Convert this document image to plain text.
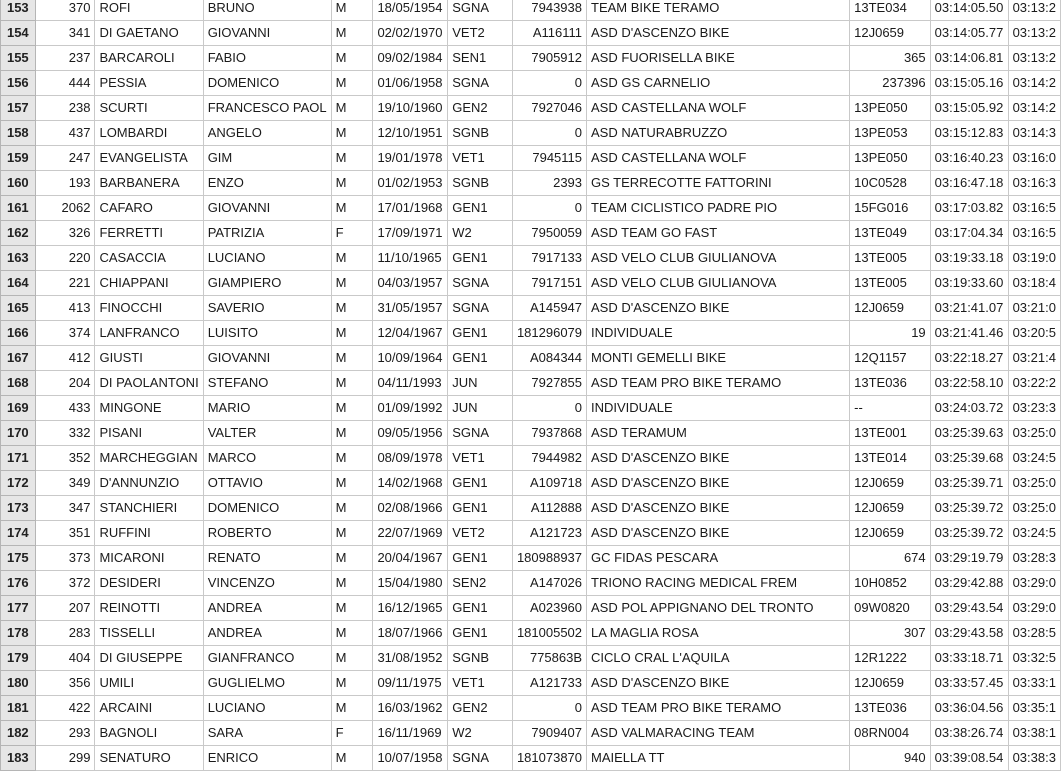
153	370	ROFI	BRUNO	M	18/05/1954	SGNA	7943938	TEAM BIKE TERAMO	13TE034	03:14:05.50	03:13:2
154	341	DI GAETANO	GIOVANNI	M	02/02/1970	VET2	A116111	ASD D'ASCENZO BIKE	12J0659	03:14:05.77	03:13:2
155	237	BARCAROLI	FABIO	M	09/02/1984	SEN1	7905912	ASD FUORISELLA BIKE	365	03:14:06.81	03:13:2
156	444	PESSIA	DOMENICO	M	01/06/1958	SGNA	0	ASD GS CARNELIO	237396	03:15:05.16	03:14:2
157	238	SCURTI	FRANCESCO PAOL	M	19/10/1960	GEN2	7927046	ASD CASTELLANA WOLF	13PE050	03:15:05.92	03:14:2
158	437	LOMBARDI	ANGELO	M	12/10/1951	SGNB	0	ASD NATURABRUZZO	13PE053	03:15:12.83	03:14:3
159	247	EVANGELISTA	GIM	M	19/01/1978	VET1	7945115	ASD CASTELLANA WOLF	13PE050	03:16:40.23	03:16:0
160	193	BARBANERA	ENZO	M	01/02/1953	SGNB	2393	GS TERRECOTTE FATTORINI	10C0528	03:16:47.18	03:16:3
161	2062	CAFARO	GIOVANNI	M	17/01/1968	GEN1	0	TEAM CICLISTICO PADRE PIO	15FG016	03:17:03.82	03:16:5
162	326	FERRETTI	PATRIZIA	F	17/09/1971	W2	7950059	ASD TEAM GO FAST	13TE049	03:17:04.34	03:16:5
163	220	CASACCIA	LUCIANO	M	11/10/1965	GEN1	7917133	ASD VELO CLUB GIULIANOVA	13TE005	03:19:33.18	03:19:0
164	221	CHIAPPANI	GIAMPIERO	M	04/03/1957	SGNA	7917151	ASD VELO CLUB GIULIANOVA	13TE005	03:19:33.60	03:18:4
165	413	FINOCCHI	SAVERIO	M	31/05/1957	SGNA	A145947	ASD D'ASCENZO BIKE	12J0659	03:21:41.07	03:21:0
166	374	LANFRANCO	LUISITO	M	12/04/1967	GEN1	181296079	INDIVIDUALE	19	03:21:41.46	03:20:5
167	412	GIUSTI	GIOVANNI	M	10/09/1964	GEN1	A084344	MONTI GEMELLI BIKE	12Q1157	03:22:18.27	03:21:4
168	204	DI PAOLANTONI	STEFANO	M	04/11/1993	JUN	7927855	ASD TEAM PRO BIKE TERAMO	13TE036	03:22:58.10	03:22:2
169	433	MINGONE	MARIO	M	01/09/1992	JUN	0	INDIVIDUALE	--	03:24:03.72	03:23:3
170	332	PISANI	VALTER	M	09/05/1956	SGNA	7937868	ASD TERAMUM	13TE001	03:25:39.63	03:25:0
171	352	MARCHEGGIAN	MARCO	M	08/09/1978	VET1	7944982	ASD D'ASCENZO BIKE	13TE014	03:25:39.68	03:24:5
172	349	D'ANNUNZIO	OTTAVIO	M	14/02/1968	GEN1	A109718	ASD D'ASCENZO BIKE	12J0659	03:25:39.71	03:25:0
173	347	STANCHIERI	DOMENICO	M	02/08/1966	GEN1	A112888	ASD D'ASCENZO BIKE	12J0659	03:25:39.72	03:25:0
174	351	RUFFINI	ROBERTO	M	22/07/1969	VET2	A121723	ASD D'ASCENZO BIKE	12J0659	03:25:39.72	03:24:5
175	373	MICARONI	RENATO	M	20/04/1967	GEN1	180988937	GC FIDAS PESCARA	674	03:29:19.79	03:28:3
176	372	DESIDERI	VINCENZO	M	15/04/1980	SEN2	A147026	TRIONO RACING MEDICAL FREM	10H0852	03:29:42.88	03:29:0
177	207	REINOTTI	ANDREA	M	16/12/1965	GEN1	A023960	ASD POL APPIGNANO DEL TRONTO	09W0820	03:29:43.54	03:29:0
178	283	TISSELLI	ANDREA	M	18/07/1966	GEN1	181005502	LA MAGLIA ROSA	307	03:29:43.58	03:28:5
179	404	DI GIUSEPPE	GIANFRANCO	M	31/08/1952	SGNB	775863B	CICLO CRAL L'AQUILA	12R1222	03:33:18.71	03:32:5
180	356	UMILI	GUGLIELMO	M	09/11/1975	VET1	A121733	ASD D'ASCENZO BIKE	12J0659	03:33:57.45	03:33:1
181	422	ARCAINI	LUCIANO	M	16/03/1962	GEN2	0	ASD TEAM PRO BIKE TERAMO	13TE036	03:36:04.56	03:35:1
182	293	BAGNOLI	SARA	F	16/11/1969	W2	7909407	ASD VALMARACING TEAM	08RN004	03:38:26.74	03:38:1
183	299	SENATURO	ENRICO	M	10/07/1958	SGNA	181073870	MAIELLA TT	940	03:39:08.54	03:38:3
